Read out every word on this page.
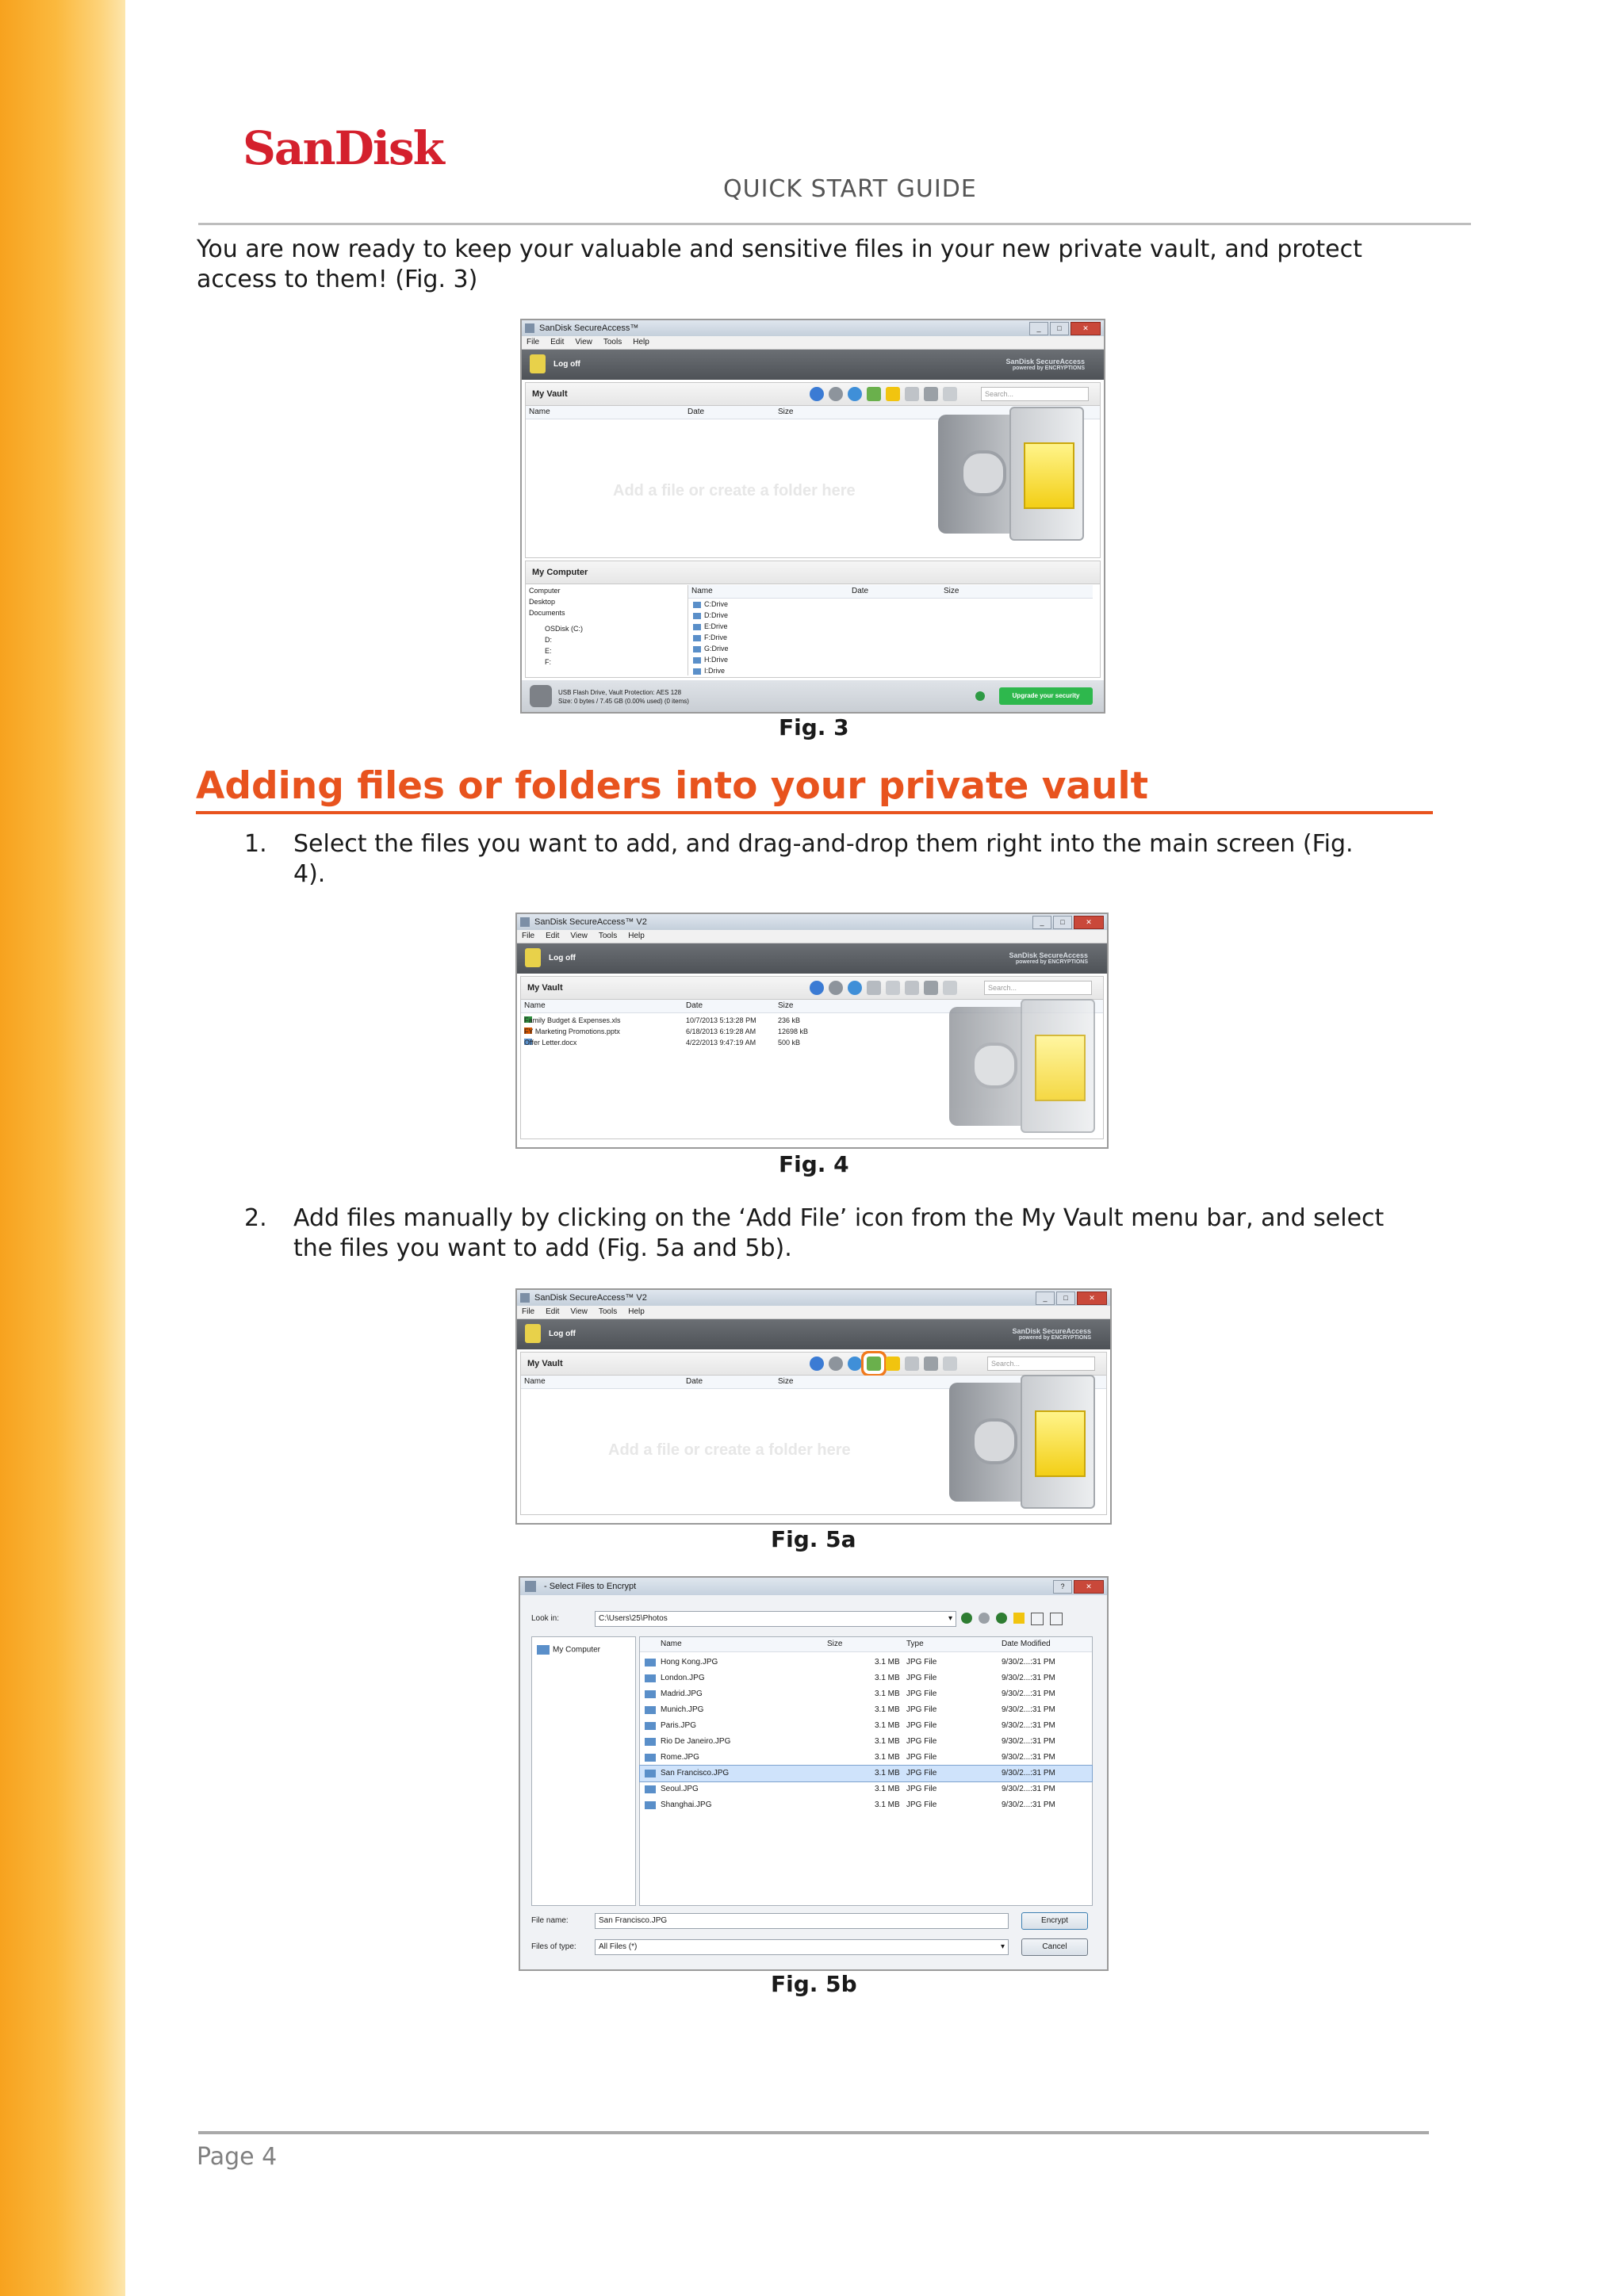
SanDisk
QUICK START GUIDE
You are now ready to keep your valuable and sensitive files in your new private vault, and protect
access to them! (Fig. 3)
SanDisk SecureAccess™	_	□	✕
File Edit View Tools Help
Log off	SanDisk SecureAccess
powered by ENCRYPTIONS
My Vault	Search...
Name	Date	Size
Add a file or create a folder here
My Computer
Computer
Desktop
Documents
OSDisk (C:)
D:
E:
F:
Name	Date	Size
C:Drive
D:Drive
E:Drive
F:Drive
G:Drive
H:Drive
I:Drive
USB Flash Drive, Vault Protection: AES 128
Size: 0 bytes / 7.45 GB (0.00% used) (0 items)
Upgrade your security
Fig. 3
Adding files or folders into your private vault
1. Select the files you want to add, and drag-and-drop them right into the main screen (Fig.
4).
SanDisk SecureAccess™ V2	_	□	✕
File Edit View Tools Help
Log off	SanDisk SecureAccess
powered by ENCRYPTIONS
My Vault	Search...
Name	Date	Size
Family Budget & Expenses.xls	10/7/2013 5:13:28 PM	236 kB
FY Marketing Promotions.pptx	6/18/2013 6:19:28 AM	12698 kB
Offer Letter.docx	4/22/2013 9:47:19 AM	500 kB
Fig. 4
2. Add files manually by clicking on the ‘Add File’ icon from the My Vault menu bar, and select
the files you want to add (Fig. 5a and 5b).
SanDisk SecureAccess™ V2	_	□	✕
File Edit View Tools Help
Log off	SanDisk SecureAccess
powered by ENCRYPTIONS
My Vault	Search...
Name	Date	Size
Add a file or create a folder here
Fig. 5a
- Select Files to Encrypt	?	✕
Look in:	C:\Users\25\Photos	▾
My Computer
Name	Size	Type	Date Modified
Hong Kong.JPG	3.1 MB JPG File	9/30/2...:31 PM
London.JPG	3.1 MB JPG File	9/30/2...:31 PM
Madrid.JPG	3.1 MB JPG File	9/30/2...:31 PM
Munich.JPG	3.1 MB JPG File	9/30/2...:31 PM
Paris.JPG	3.1 MB JPG File	9/30/2...:31 PM
Rio De Janeiro.JPG	3.1 MB JPG File	9/30/2...:31 PM
Rome.JPG	3.1 MB JPG File	9/30/2...:31 PM
San Francisco.JPG	3.1 MB JPG File	9/30/2...:31 PM
Seoul.JPG	3.1 MB JPG File	9/30/2...:31 PM
Shanghai.JPG	3.1 MB JPG File	9/30/2...:31 PM
File name:	San Francisco.JPG	Encrypt
Files of type:	All Files (*)	▾	Cancel
Fig. 5b
Page 4
